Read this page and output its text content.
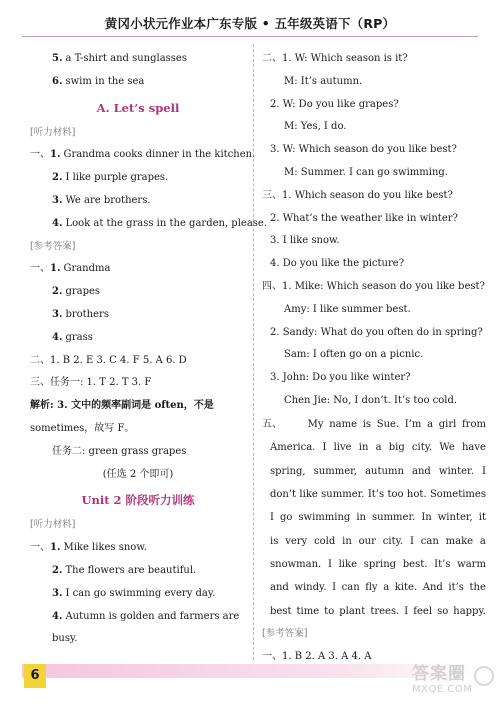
黄冈小状元作业本广东专版 • 五年级英语下（RP）
5. a T-shirt and sunglasses
6. swim in the sea
A. Let’s spell
[听力材料]
一、1. Grandma cooks dinner in the kitchen.
2. I like purple grapes.
3. We are brothers.
4. Look at the grass in the garden, please.
[参考答案]
一、1. Grandma
2. grapes
3. brothers
4. grass
二、1. B 2. E 3. C 4. F 5. A 6. D
三、任务一: 1. T 2. T 3. F
解析: 3. 文中的频率副词是 often，不是
sometimes，故写 F。
任务二: green grass grapes
(任选 2 个即可)
Unit 2 阶段听力训练
[听力材料]
一、1. Mike likes snow.
2. The flowers are beautiful.
3. I can go swimming every day.
4. Autumn is golden and farmers are
busy.
二、1. W: Which season is it?
M: It’s autumn.
2. W: Do you like grapes?
M: Yes, I do.
3. W: Which season do you like best?
M: Summer. I can go swimming.
三、1. Which season do you like best?
2. What’s the weather like in winter?
3. I like snow.
4. Do you like the picture?
四、1. Mike: Which season do you like best?
Amy: I like summer best.
2. Sandy: What do you often do in spring?
Sam: I often go on a picnic.
3. John: Do you like winter?
Chen Jie: No, I don’t. It’s too cold.
五、	My name is Sue. I’m a girl from
America. I live in a big city. We have
spring, summer, autumn and winter. I
don’t like summer. It’s too hot. Sometimes
I go swimming in summer. In winter, it
is very cold in our city. I can make a
snowman. I like spring best. It’s warm
and windy. I can fly a kite. And it’s the
best time to plant trees. I feel so happy.
[参考答案]
一、1. B 2. A 3. A 4. A
6	答案圈
MXQE.COM
